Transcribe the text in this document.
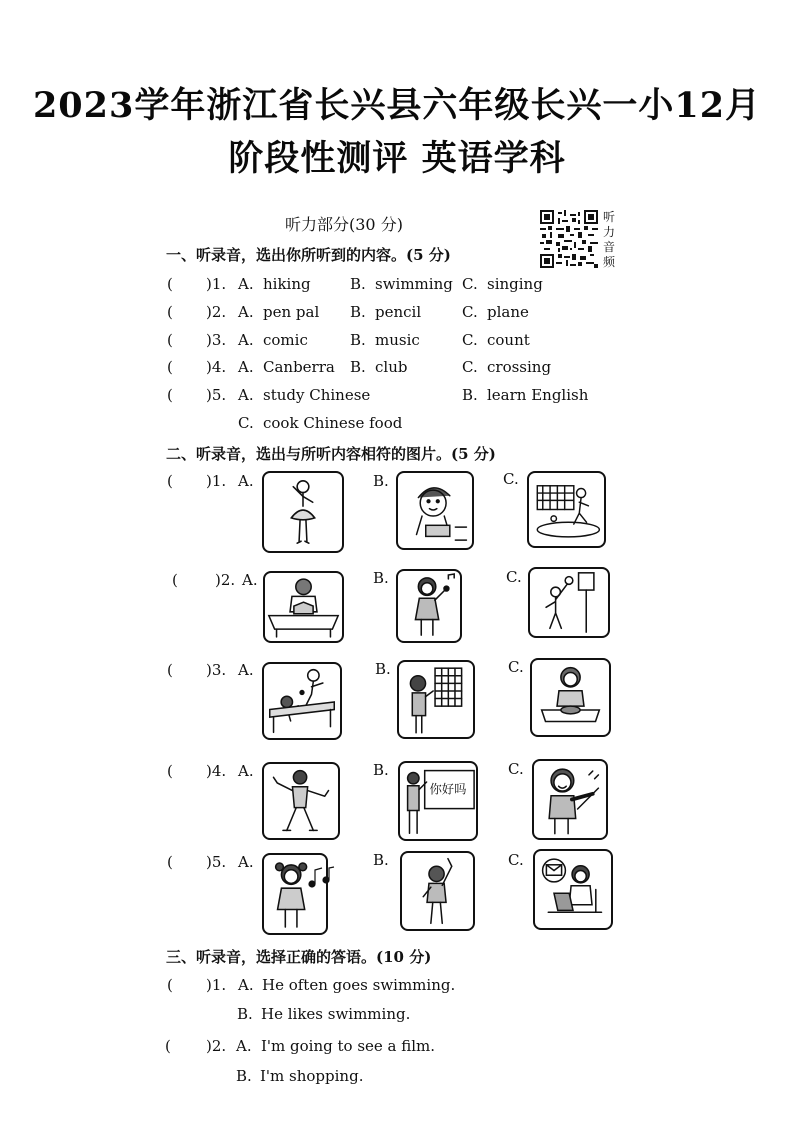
2023学年浙江省长兴县六年级长兴一小12月
阶段性测评 英语学科
听力部分(30 分)	听
力
音
频
一、听录音，选出你所听到的内容。(5 分)
( )1. A. hiking	B. swimming C. singing
( )2. A. pen pal B. pencil	C. plane
( )3. A. comic	B. music	C. count
( )4. A. Canberra B. club	C. crossing
( )5. A. study Chinese	B. learn English
C. cook Chinese food
二、听录音，选出与所听内容相符的图片。(5 分)
( )1. A.	B.	C.
( )2. A.	B.	C.
( )3. A.	B.	C.
( )4. A.	B.	C.
你好吗
( )5. A.	B.	C.
三、听录音，选择正确的答语。(10 分)
( )1. A. He often goes swimming.
B. He likes swimming.
( )2. A. I'm going to see a film.
B. I'm shopping.
